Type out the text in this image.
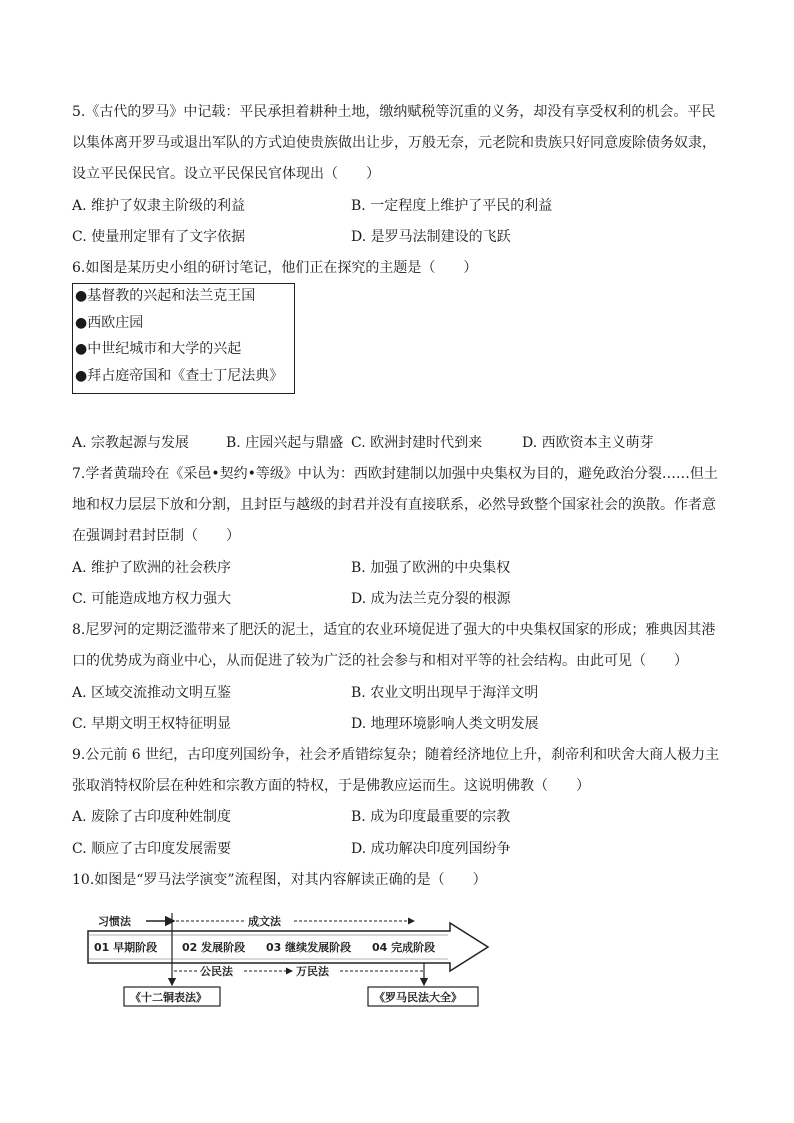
5.《古代的罗马》中记载：平民承担着耕种土地，缴纳赋税等沉重的义务，却没有享受权利的机会。平民
以集体离开罗马或退出军队的方式迫使贵族做出让步，万般无奈，元老院和贵族只好同意废除债务奴隶，
设立平民保民官。设立平民保民官体现出（　　）
A. 维护了奴隶主阶级的利益	B. 一定程度上维护了平民的利益
C. 使量刑定罪有了文字依据	D. 是罗马法制建设的飞跃
6.如图是某历史小组的研讨笔记，他们正在探究的主题是（　　）
●基督教的兴起和法兰克王国
●西欧庄园
●中世纪城市和大学的兴起
●拜占庭帝国和《查士丁尼法典》
A. 宗教起源与发展	B. 庄园兴起与鼎盛 C. 欧洲封建时代到来	D. 西欧资本主义萌芽
7.学者黄瑞玲在《采邑•契约•等级》中认为：西欧封建制以加强中央集权为目的，避免政治分裂……但土
地和权力层层下放和分割，且封臣与越级的封君并没有直接联系，必然导致整个国家社会的涣散。作者意
在强调封君封臣制（　　）
A. 维护了欧洲的社会秩序	B. 加强了欧洲的中央集权
C. 可能造成地方权力强大	D. 成为法兰克分裂的根源
8.尼罗河的定期泛滥带来了肥沃的泥土，适宜的农业环境促进了强大的中央集权国家的形成；雅典因其港
口的优势成为商业中心，从而促进了较为广泛的社会参与和相对平等的社会结构。由此可见（　　）
A. 区域交流推动文明互鉴	B. 农业文明出现早于海洋文明
C. 早期文明王权特征明显	D. 地理环境影响人类文明发展
9.公元前 6 世纪，古印度列国纷争，社会矛盾错综复杂；随着经济地位上升，刹帝利和吠舍大商人极力主
张取消特权阶层在种姓和宗教方面的特权，于是佛教应运而生。这说明佛教（　　）
A. 废除了古印度种姓制度	B. 成为印度最重要的宗教
C. 顺应了古印度发展需要	D. 成功解决印度列国纷争
10.如图是“罗马法学演变”流程图，对其内容解读正确的是（　　）
习惯法	成文法
01 早期阶段 02 发展阶段 03 继续发展阶段 04 完成阶段
公民法	万民法
《十二铜表法》	《罗马民法大全》
